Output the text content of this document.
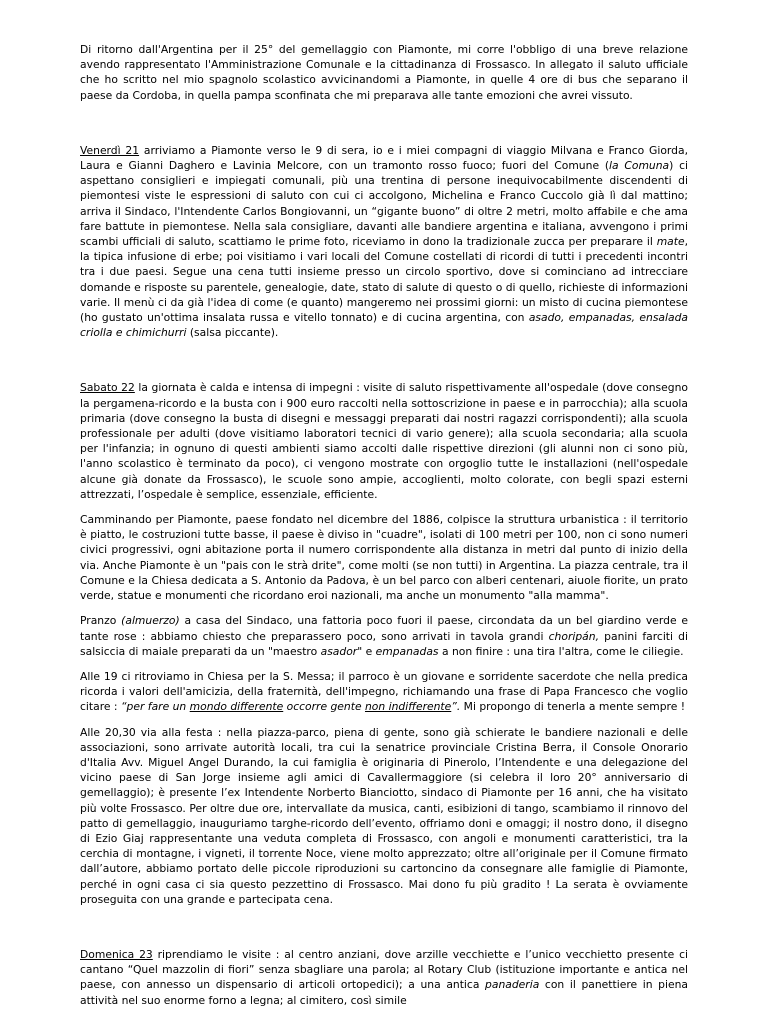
Di ritorno dall'Argentina per il 25° del gemellaggio con Piamonte, mi corre l'obbligo di una breve relazione avendo rappresentato l'Amministrazione Comunale e la cittadinanza di Frossasco. In allegato il saluto ufficiale che ho scritto nel mio spagnolo scolastico avvicinandomi a Piamonte, in quelle 4 ore di bus che separano il paese da Cordoba, in quella pampa sconfinata che mi preparava alle tante emozioni che avrei vissuto.

Venerdì 21 arriviamo a Piamonte verso le 9 di sera, io e i miei compagni di viaggio Milvana e Franco Giorda, Laura e Gianni Daghero e Lavinia Melcore, con un tramonto rosso fuoco; fuori del Comune (la Comuna) ci aspettano consiglieri e impiegati comunali, più una trentina di persone inequivocabilmente discendenti di piemontesi viste le espressioni di saluto con cui ci accolgono, Michelina e Franco Cuccolo già lì dal mattino; arriva il Sindaco, l'Intendente Carlos Bongiovanni, un “gigante buono” di oltre 2 metri, molto affabile e che ama fare battute in piemontese. Nella sala consigliare, davanti alle bandiere argentina e italiana, avvengono i primi scambi ufficiali di saluto, scattiamo le prime foto, riceviamo in dono la tradizionale zucca per preparare il mate, la tipica infusione di erbe; poi visitiamo i vari locali del Comune costellati di ricordi di tutti i precedenti incontri tra i due paesi. Segue una cena tutti insieme presso un circolo sportivo, dove si cominciano ad intrecciare domande e risposte su parentele, genealogie, date, stato di salute di questo o di quello, richieste di informazioni varie. Il menù ci da già l'idea di come (e quanto) mangeremo nei prossimi giorni: un misto di cucina piemontese (ho gustato un'ottima insalata russa e vitello tonnato) e di cucina argentina, con asado, empanadas, ensalada criolla e chimichurri (salsa piccante).

Sabato 22 la giornata è calda e intensa di impegni : visite di saluto rispettivamente all'ospedale (dove consegno la pergamena-ricordo e la busta con i 900 euro raccolti nella sottoscrizione in paese e in parrocchia); alla scuola primaria (dove consegno la busta di disegni e messaggi preparati dai nostri ragazzi corrispondenti); alla scuola professionale per adulti (dove visitiamo laboratori tecnici di vario genere); alla scuola secondaria; alla scuola per l'infanzia; in ognuno di questi ambienti siamo accolti dalle rispettive direzioni (gli alunni non ci sono più, l'anno scolastico è terminato da poco), ci vengono mostrate con orgoglio tutte le installazioni (nell'ospedale alcune già donate da Frossasco), le scuole sono ampie, accoglienti, molto colorate, con begli spazi esterni attrezzati, l’ospedale è semplice, essenziale, efficiente.

Camminando per Piamonte, paese fondato nel dicembre del 1886, colpisce la struttura urbanistica : il territorio è piatto, le costruzioni tutte basse, il paese è diviso in "cuadre", isolati di 100 metri per 100, non ci sono numeri civici progressivi, ogni abitazione porta il numero corrispondente alla distanza in metri dal punto di inizio della via. Anche Piamonte è un "pais con le strà drite", come molti (se non tutti) in Argentina. La piazza centrale, tra il Comune e la Chiesa dedicata a S. Antonio da Padova, è un bel parco con alberi centenari, aiuole fiorite, un prato verde, statue e monumenti che ricordano eroi nazionali, ma anche un monumento "alla mamma".

Pranzo (almuerzo) a casa del Sindaco, una fattoria poco fuori il paese, circondata da un bel giardino verde e tante rose : abbiamo chiesto che preparassero poco, sono arrivati in tavola grandi choripán, panini farciti di salsiccia di maiale preparati da un "maestro asador" e empanadas a non finire : una tira l'altra, come le ciliegie.

Alle 19 ci ritroviamo in Chiesa per la S. Messa; il parroco è un giovane e sorridente sacerdote che nella predica ricorda i valori dell'amicizia, della fraternità, dell'impegno, richiamando una frase di Papa Francesco che voglio citare : “per fare un mondo differente occorre gente non indifferente”. Mi propongo di tenerla a mente sempre !

Alle 20,30 via alla festa : nella piazza-parco, piena di gente, sono già schierate le bandiere nazionali e delle associazioni, sono arrivate autorità locali, tra cui la senatrice provinciale Cristina Berra, il Console Onorario d'Italia Avv. Miguel Angel Durando, la cui famiglia è originaria di Pinerolo, l’Intendente e una delegazione del vicino paese di San Jorge insieme agli amici di Cavallermaggiore (si celebra il loro 20° anniversario di gemellaggio); è presente l’ex Intendente Norberto Bianciotto, sindaco di Piamonte per 16 anni, che ha visitato più volte Frossasco. Per oltre due ore, intervallate da musica, canti, esibizioni di tango, scambiamo il rinnovo del patto di gemellaggio, inauguriamo targhe-ricordo dell’evento, offriamo doni e omaggi; il nostro dono, il disegno di Ezio Giaj rappresentante una veduta completa di Frossasco, con angoli e monumenti caratteristici, tra la cerchia di montagne, i vigneti, il torrente Noce, viene molto apprezzato; oltre all’originale per il Comune firmato dall’autore, abbiamo portato delle piccole riproduzioni su cartoncino da consegnare alle famiglie di Piamonte, perché in ogni casa ci sia questo pezzettino di Frossasco. Mai dono fu più gradito ! La serata è ovviamente proseguita con una grande e partecipata cena.

Domenica 23 riprendiamo le visite : al centro anziani, dove arzille vecchiette e l’unico vecchietto presente ci cantano “Quel mazzolin di fiori” senza sbagliare una parola; al Rotary Club (istituzione importante e antica nel paese, con annesso un dispensario di articoli ortopedici); a una antica panaderia con il panettiere in piena attività nel suo enorme forno a legna; al cimitero, così simile
